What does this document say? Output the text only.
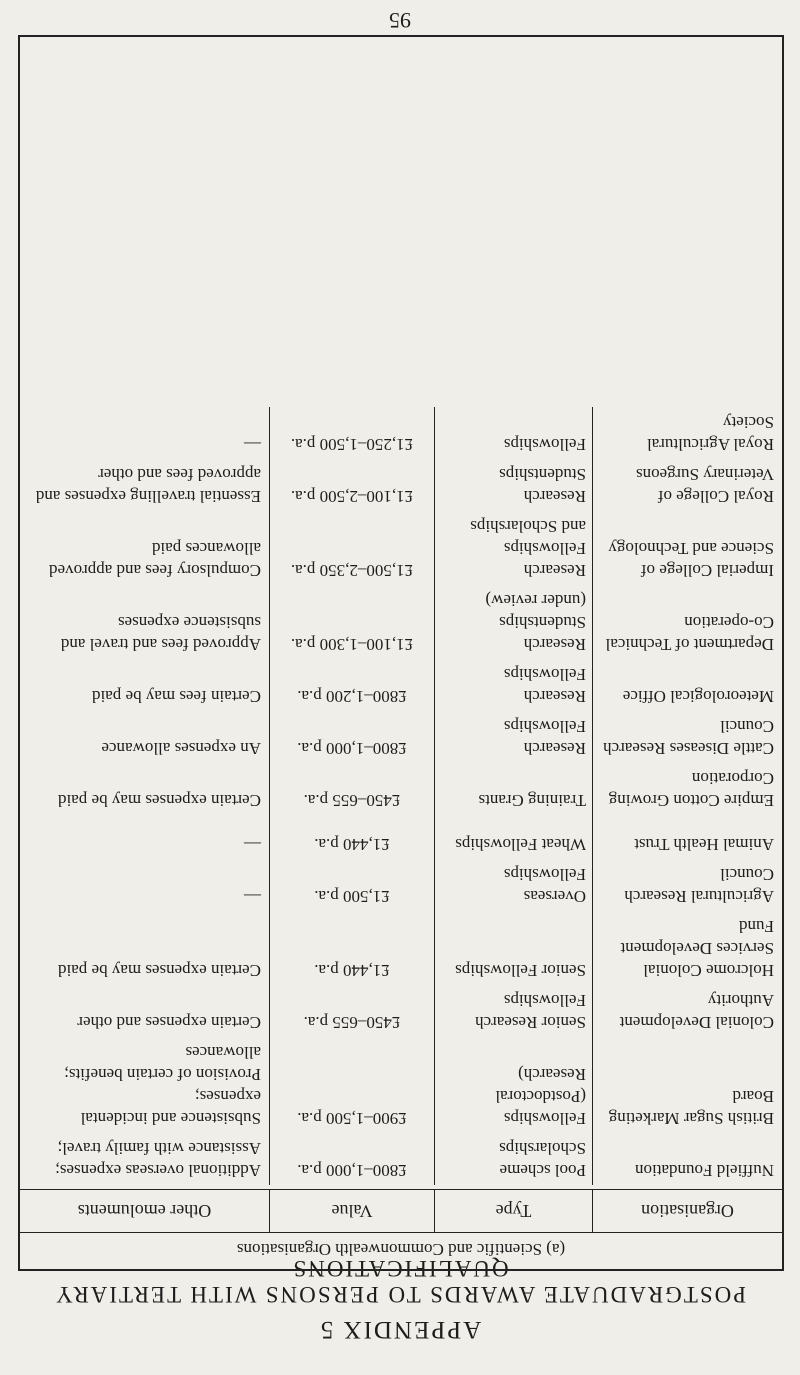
APPENDIX 5
POSTGRADUATE AWARDS TO PERSONS WITH TERTIARY QUALIFICATIONS
(a) Scientific and Commonwealth Organisations
Organisation
Type
Value
Other emoluments
Nuffield Foundation
Pool scheme
Scholarships
£800–1,000 p.a.
Additional overseas expenses;
Assistance with family travel;
British Sugar Marketing Board
Fellowships (Postdoctoral
Research)
£900–1,500 p.a.
Subsistence and incidental expenses;
Provision of certain benefits;
allowances
Colonial Development Authority
Senior Research
Fellowships
£450–655 p.a.
Certain expenses and other
Holcrome Colonial Services Development Fund
Senior Fellowships
£1,440 p.a.
Certain expenses may be paid
Agricultural Research Council
Overseas Fellowships
£1,500 p.a.
—
Animal Health Trust
Wheat Fellowships
£1,440 p.a.
—
Empire Cotton Growing Corporation
Training Grants
£450–655 p.a.
Certain expenses may be paid
Cattle Diseases Research Council
Research Fellowships
£800–1,000 p.a.
An expenses allowance
Meteorological Office
Research Fellowships
£800–1,200 p.a.
Certain fees may be paid
Department of Technical Co-operation
Research Studentships
(under review)
£1,100–1,300 p.a.
Approved fees and travel and
subsistence expenses
Imperial College of Science and Technology
Research Fellowships
and Scholarships
£1,500–2,350 p.a.
Compulsory fees and approved
allowances paid
Royal College of Veterinary Surgeons
Research Studentships
£1,100–2,500 p.a.
Essential travelling expenses and approved fees and other
Royal Agricultural Society
Fellowships
£1,250–1,500 p.a.
—
95
